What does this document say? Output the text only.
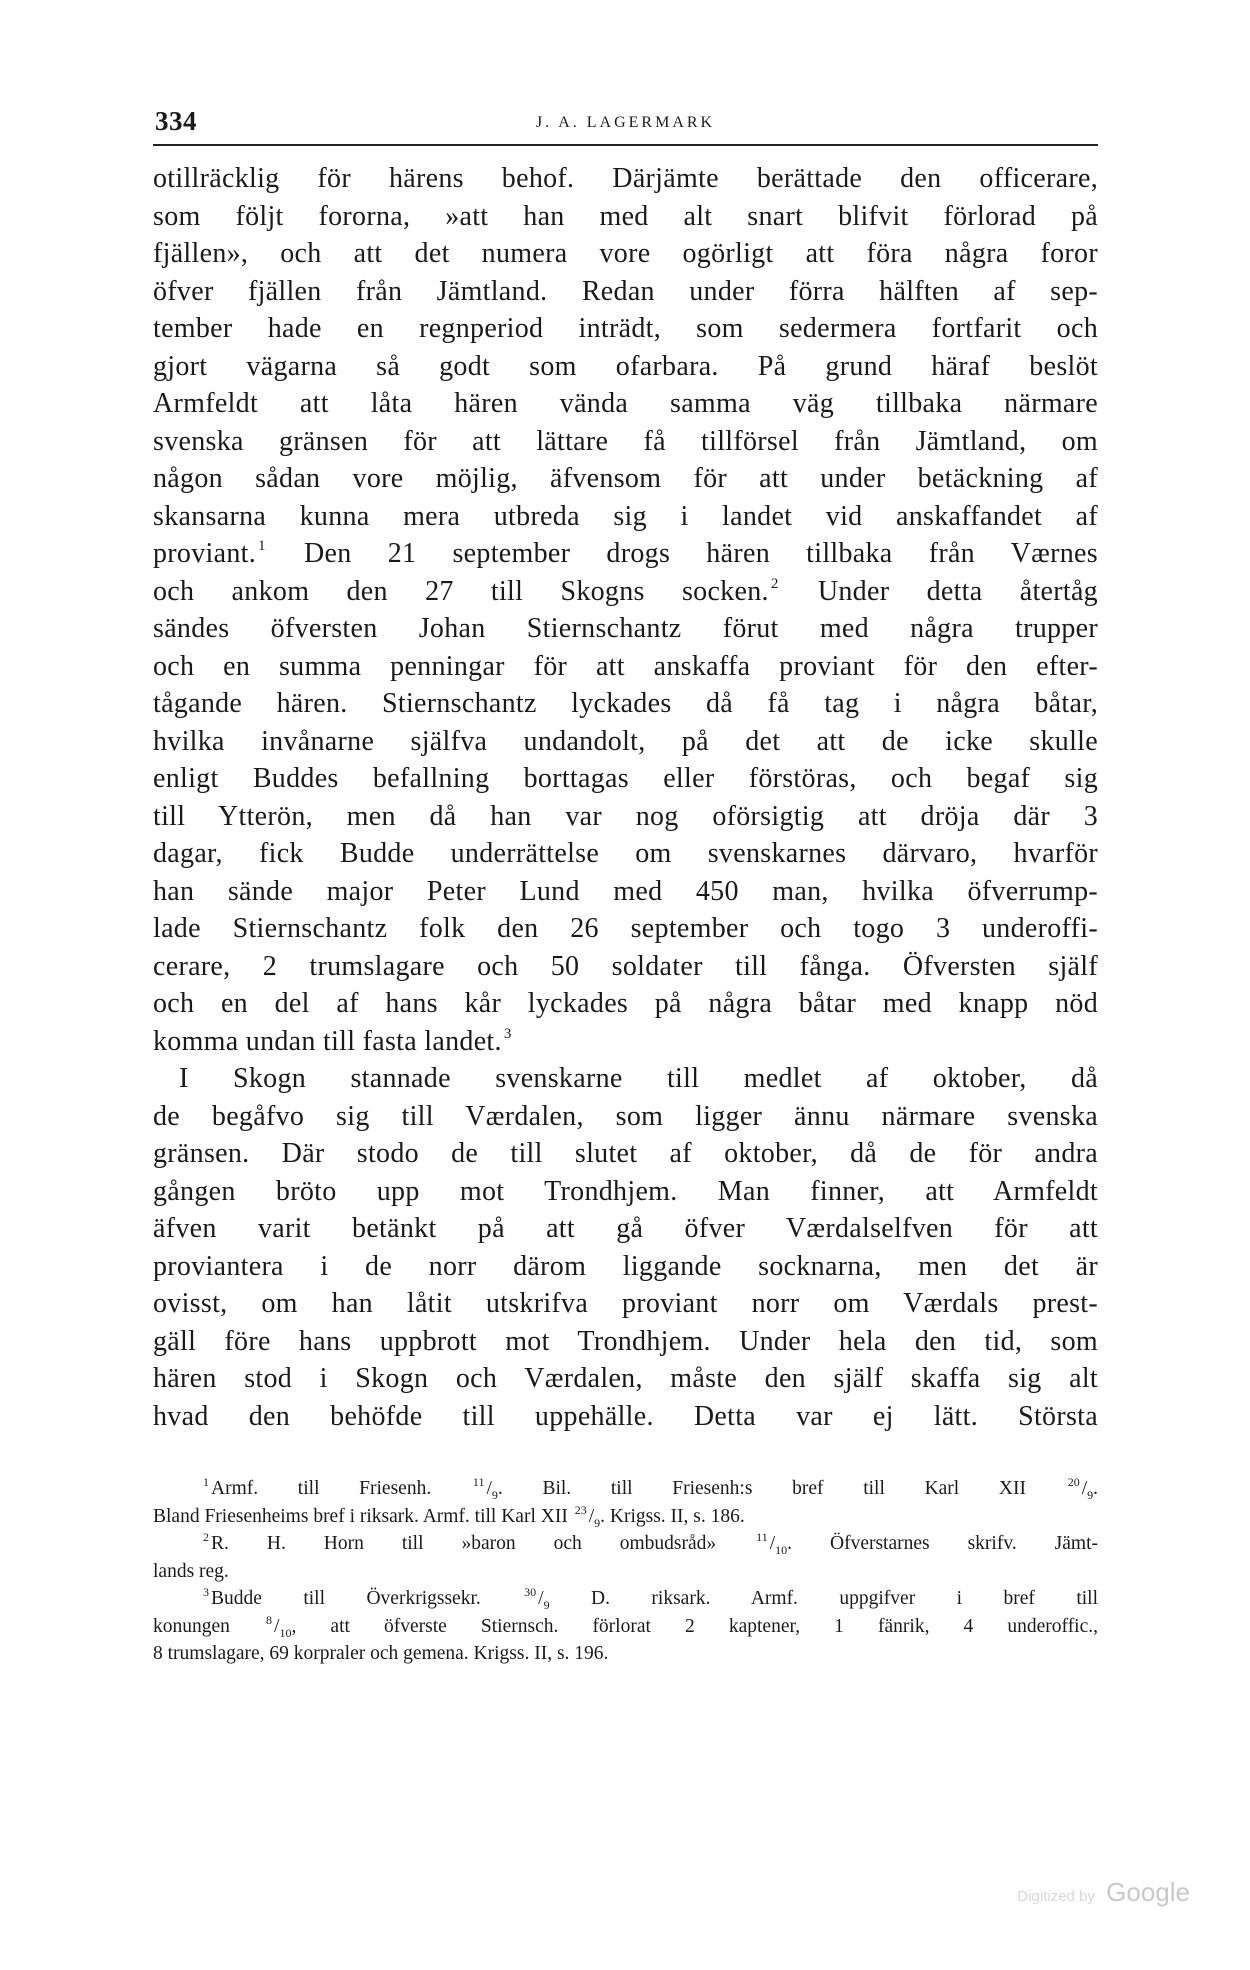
334	J. A. LAGERMARK
otillräcklig för härens behof. Därjämte berättade den officerare,
som följt fororna, »att han med alt snart blifvit förlorad på
fjällen», och att det numera vore ogörligt att föra några foror
öfver fjällen från Jämtland. Redan under förra hälften af sep-
tember hade en regnperiod inträdt, som sedermera fortfarit och
gjort vägarna så godt som ofarbara. På grund häraf beslöt
Armfeldt att låta hären vända samma väg tillbaka närmare
svenska gränsen för att lättare få tillförsel från Jämtland, om
någon sådan vore möjlig, äfvensom för att under betäckning af
skansarna kunna mera utbreda sig i landet vid anskaffandet af
proviant. $^1$ Den 21 september drogs hären tillbaka från Værnes
och ankom den 27 till Skogns socken. $^2$ Under detta återtåg
sändes öfversten Johan Stiernschantz förut med några trupper
och en summa penningar för att anskaffa proviant för den efter-
tågande hären. Stiernschantz lyckades då få tag i några båtar,
hvilka invånarne själfva undandolt, på det att de icke skulle
enligt Buddes befallning borttagas eller förstöras, och begaf sig
till Ytterön, men då han var nog oförsigtig att dröja där 3
dagar, fick Budde underrättelse om svenskarnes därvaro, hvarför
han sände major Peter Lund med 450 man, hvilka öfverrump-
lade Stiernschantz folk den 26 september och togo 3 underoffi-
cerare, 2 trumslagare och 50 soldater till fånga. Öfversten själf
och en del af hans kår lyckades på några båtar med knapp nöd
komma undan till fasta landet. $^3$
I Skogn stannade svenskarne till medlet af oktober, då
de begåfvo sig till Værdalen, som ligger ännu närmare svenska
gränsen. Där stodo de till slutet af oktober, då de för andra
gången bröto upp mot Trondhjem. Man finner, att Armfeldt
äfven varit betänkt på att gå öfver Værdalselfven för att
proviantera i de norr därom liggande socknarna, men det är
ovisst, om han låtit utskrifva proviant norr om Værdals prest-
gäll före hans uppbrott mot Trondhjem. Under hela den tid, som
hären stod i Skogn och Værdalen, måste den själf skaffa sig alt
hvad den behöfde till uppehälle. Detta var ej lätt. Största
$^1$ Armf. till Friesenh. $^{11}$ $/_9$. Bil. till Friesenh:s bref till Karl XII $^{20}$ $/_9$.
Bland Friesenheims bref i riksark. Armf. till Karl XII $^{23}$ $/_9$. Krigss. II, s. 186.
$^2$ R. H. Horn till »baron och ombudsråd» $^{11}$ $/_{10}$. Öfverstarnes skrifv. Jämt-
lands reg.
$^3$ Budde till Överkrigssekr. $^{30}$ $/_9$ D. riksark. Armf. uppgifver i bref till
konungen $^8$ $/_{10}$, att öfverste Stiernsch. förlorat 2 kaptener, 1 fänrik, 4 underoffic.,
8 trumslagare, 69 korpraler och gemena. Krigss. II, s. 196.
Digitized by Google
